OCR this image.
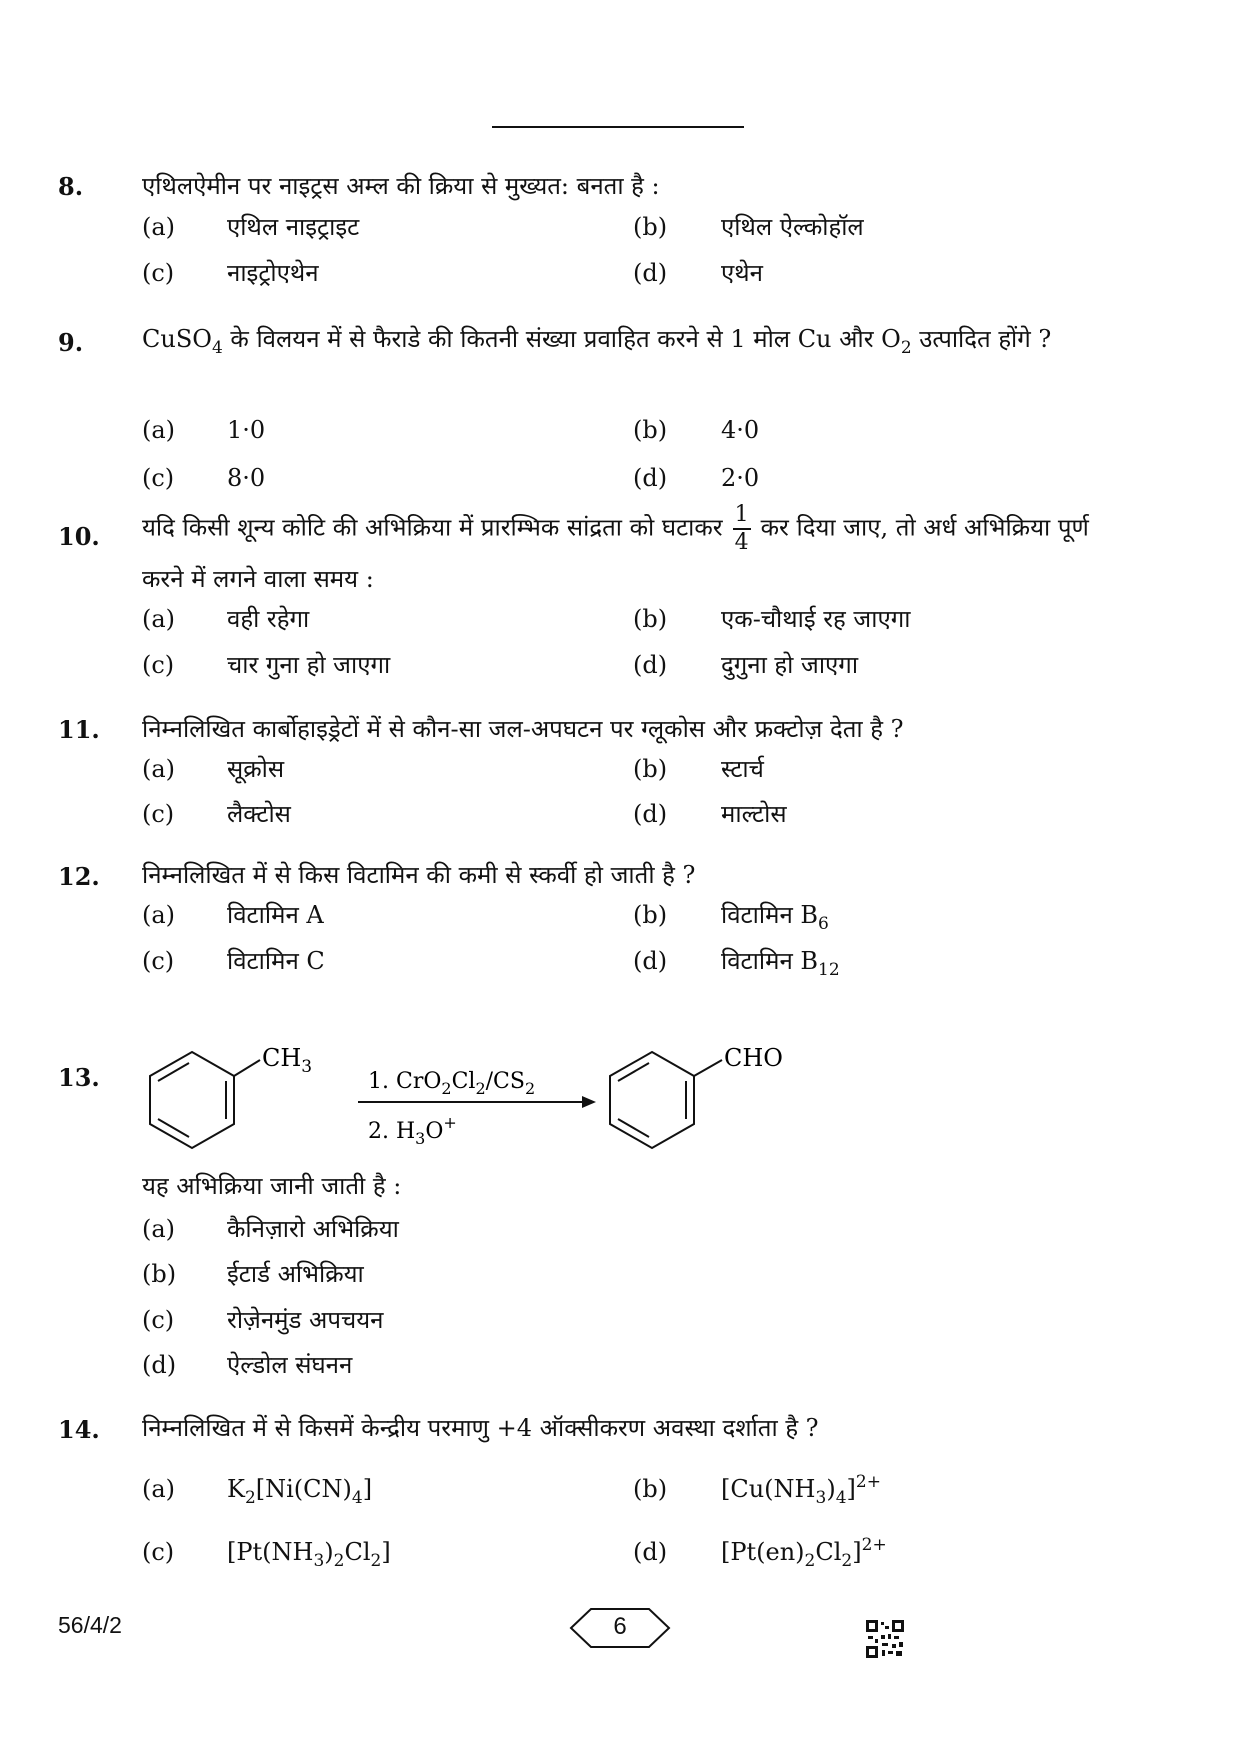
8. एथिलऐमीन पर नाइट्रस अम्ल की क्रिया से मुख्यत: बनता है :
(a) एथिल नाइट्राइट	(b) एथिल ऐल्कोहॉल
(c) नाइट्रोएथेन	(d) एथेन
9. CuSO$_4$ के विलयन में से फैराडे की कितनी संख्या प्रवाहित करने से 1 मोल Cu और $O_2$ उत्पादित होंगे ?
(a) 1·0	(b) 4·0
(c) 8·0	(d) 2·0
10. यदि किसी शून्य कोटि की अभिक्रिया में प्रारम्भिक सांद्रता को घटाकर $\frac{1}{4}$ कर दिया जाए, तो अर्ध अभिक्रिया पूर्ण करने में लगने वाला समय :
(a) वही रहेगा	(b) एक-चौथाई रह जाएगा
(c) चार गुना हो जाएगा	(d) दुगुना हो जाएगा
11. निम्नलिखित कार्बोहाइड्रेटों में से कौन-सा जल-अपघटन पर ग्लूकोस और फ्रक्टोज़ देता है ?
(a) सूक्रोस	(b) स्टार्च
(c) लैक्टोस	(d) माल्टोस
12. निम्नलिखित में से किस विटामिन की कमी से स्कर्वी हो जाती है ?
(a) विटामिन A	(b) विटामिन $B_6$
(c) विटामिन C	(d) विटामिन $B_{12}$
13.
$CH_3$
1. $CrO_2Cl_2/CS_2$
2. $H_3O^+$
CHO
यह अभिक्रिया जानी जाती है :
(a) कैनिज़ारो अभिक्रिया
(b) ईटार्ड अभिक्रिया
(c) रोज़ेनमुंड अपचयन
(d) ऐल्डोल संघनन
14. निम्नलिखित में से किसमें केन्द्रीय परमाणु +4 ऑक्सीकरण अवस्था दर्शाता है ?
(a) $K_2[Ni(CN)_4]$	(b) $[Cu(NH_3)_4]^{2+}$
(c) $[Pt(NH_3)_2Cl_2]$	(d) $[Pt(en)_2Cl_2]^{2+}$
56/4/2	6
